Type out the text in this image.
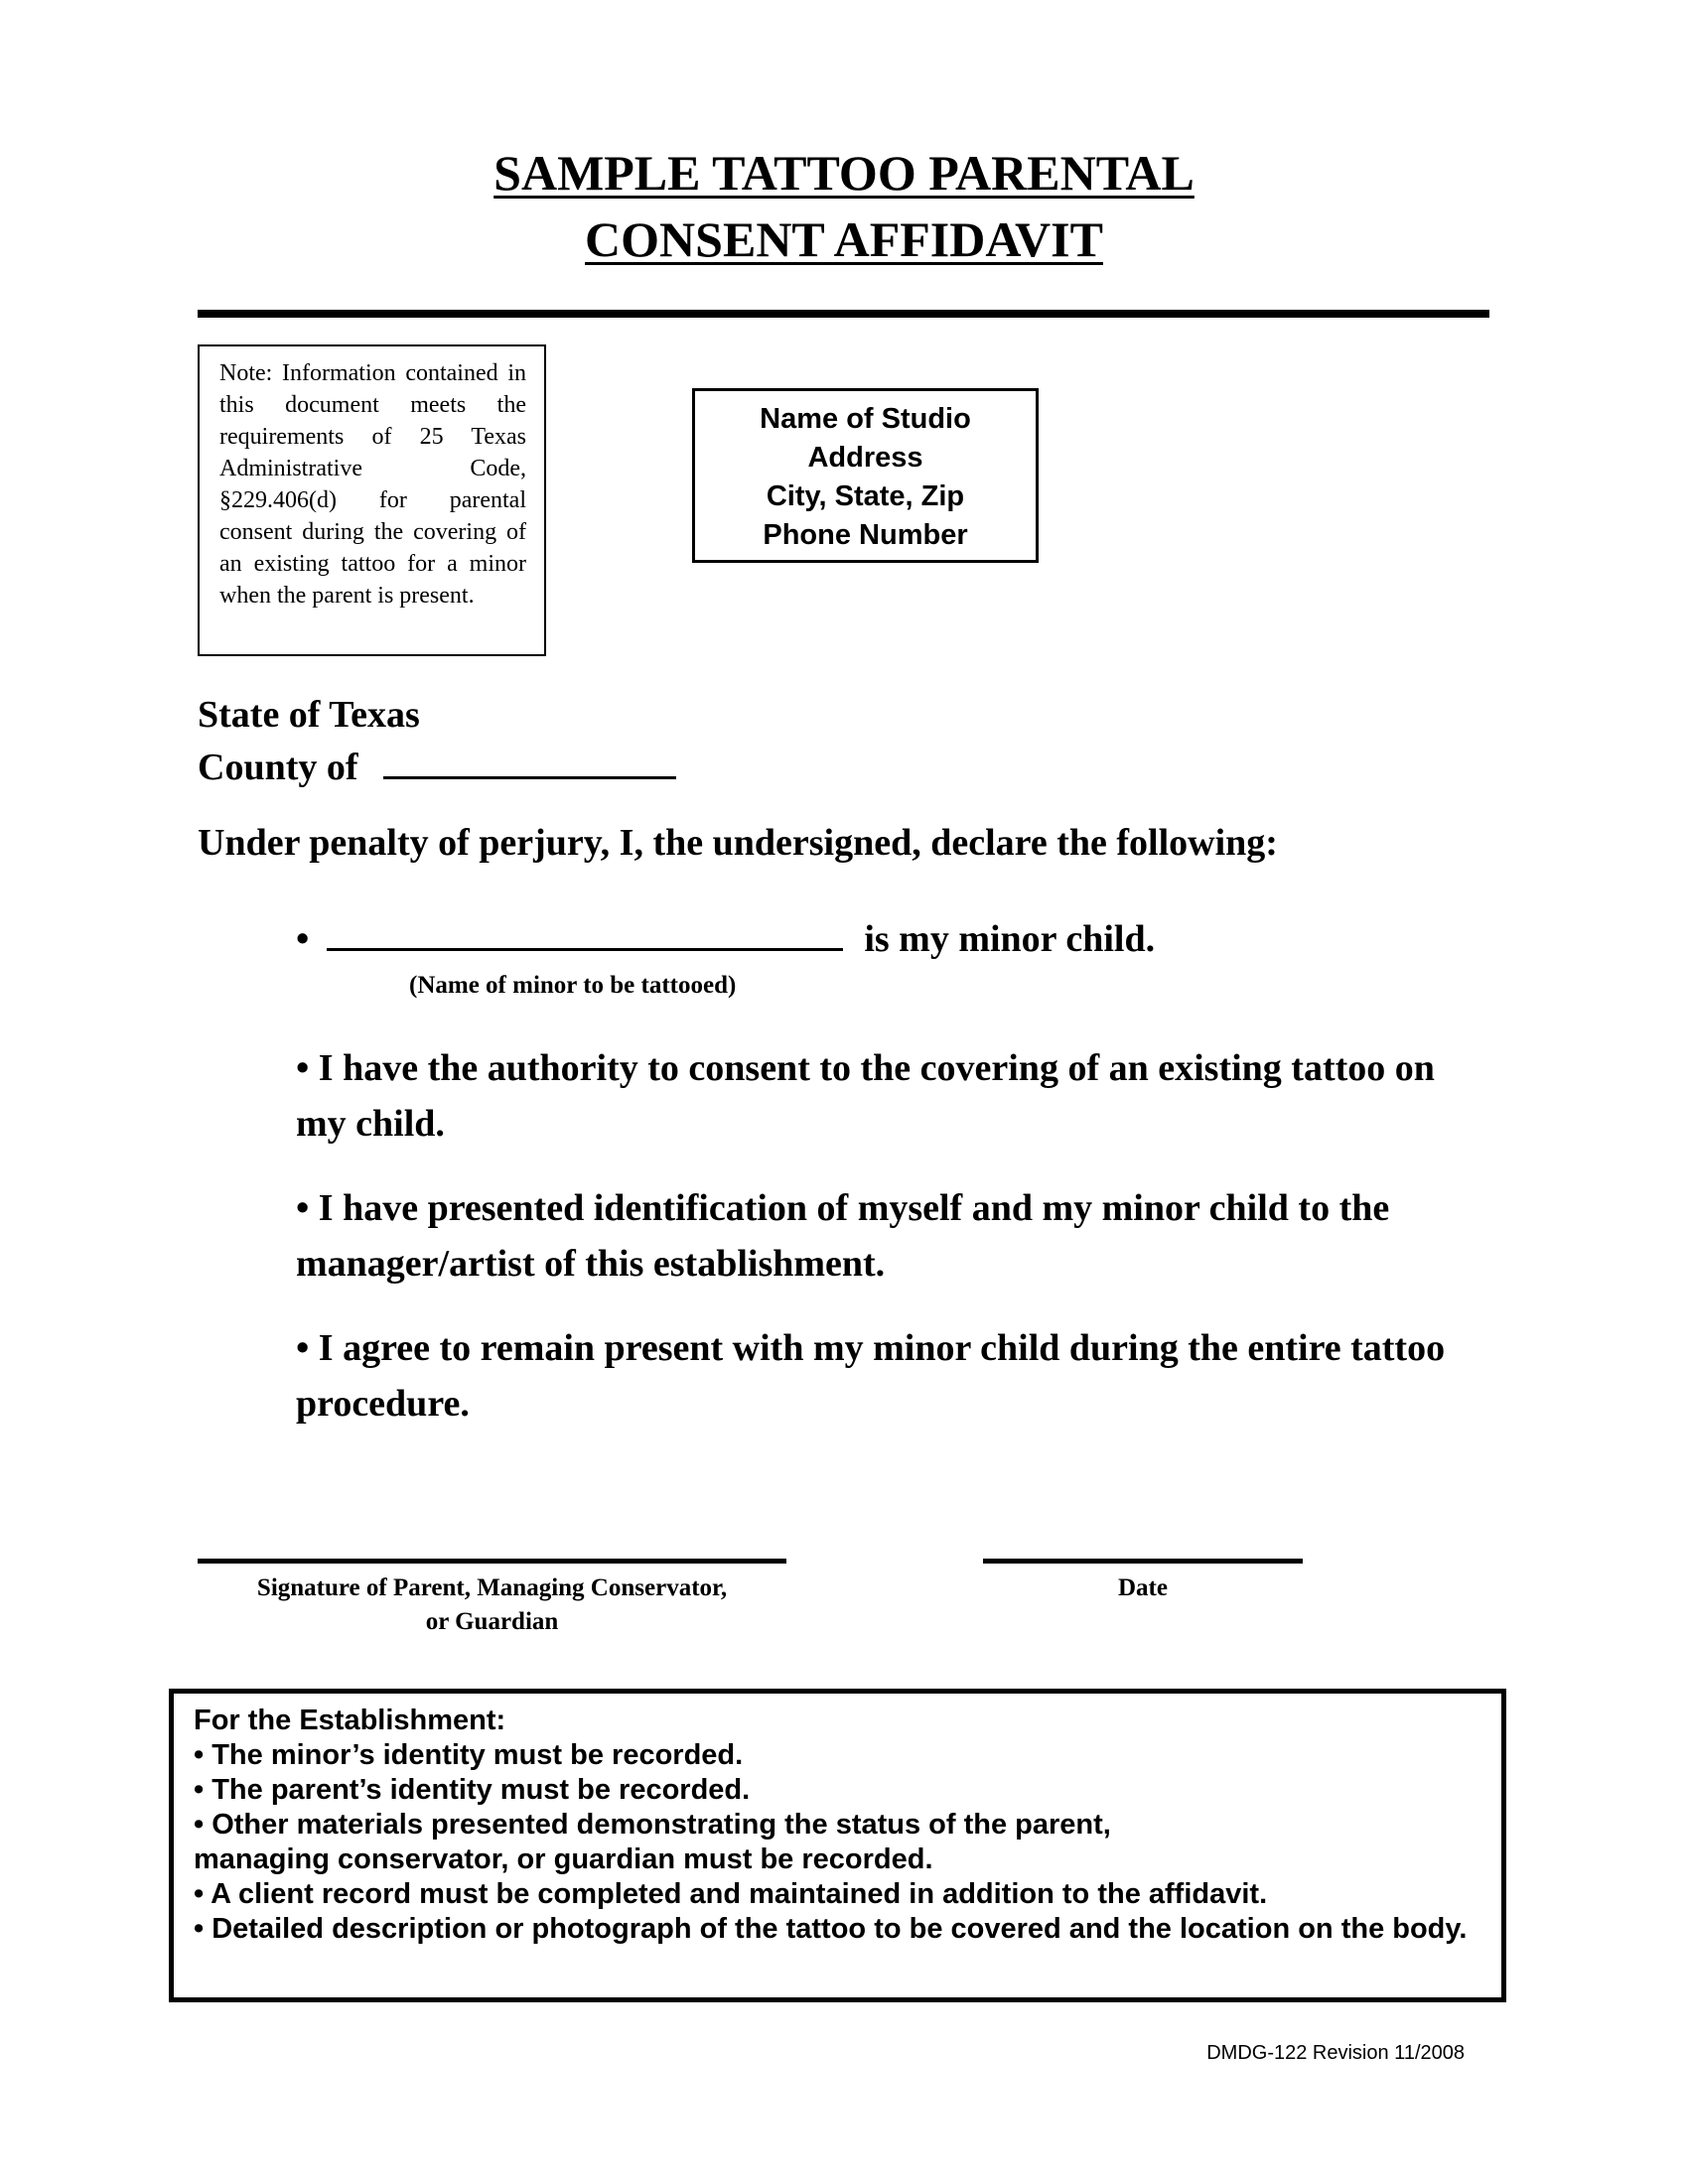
SAMPLE TATTOO PARENTAL
CONSENT AFFIDAVIT
Note: Information contained in this document meets the requirements of 25 Texas Administrative Code, §229.406(d) for parental consent during the covering of an existing tattoo for a minor when the parent is present.
Name of Studio
Address
City, State, Zip
Phone Number
State of Texas
County of
Under penalty of perjury, I, the undersigned, declare the following:
•	is my minor child.
(Name of minor to be tattooed)
• I have the authority to consent to the covering of an existing tattoo on my child.
• I have presented identification of myself and my minor child to the manager/artist of this establishment.
• I agree to remain present with my minor child during the entire tattoo procedure.
Signature of Parent, Managing Conservator,
or Guardian
Date
For the Establishment:
• The minor’s identity must be recorded.
• The parent’s identity must be recorded.
• Other materials presented demonstrating the status of the parent, managing conservator, or guardian must be recorded.
• A client record must be completed and maintained in addition to the affidavit.
• Detailed description or photograph of the tattoo to be covered and the location on the body.
DMDG-122 Revision 11/2008
